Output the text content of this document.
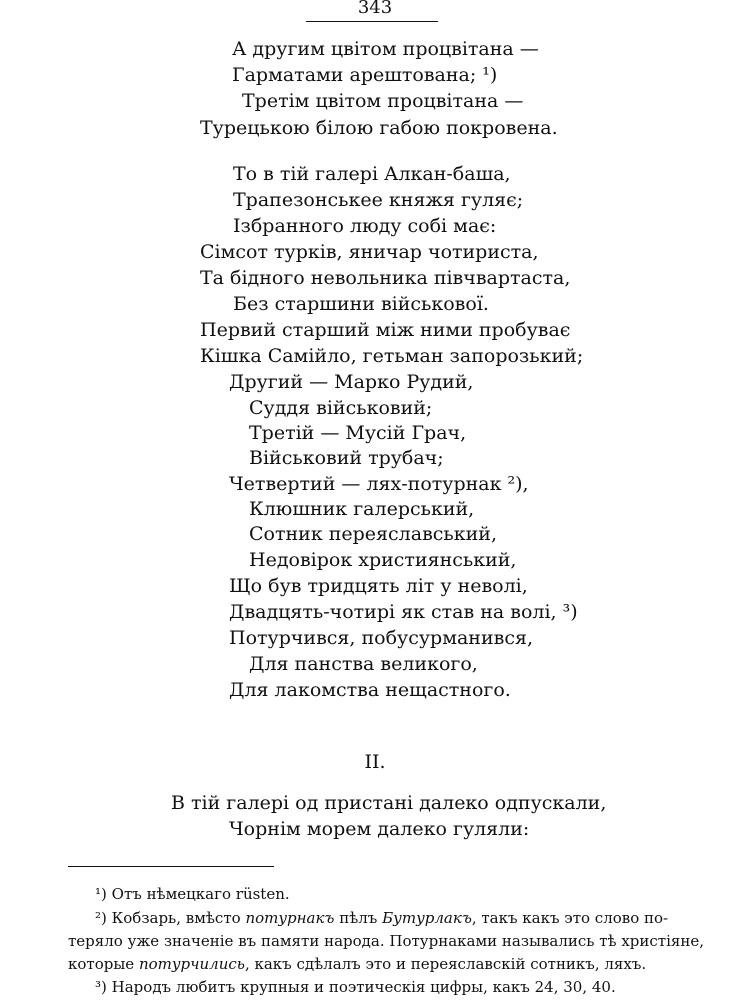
343
А другим цвітом процвітана —
Гарматами арештована; ¹)
Третім цвітом процвітана —
Турецькою білою габою покровена.
То в тій галері Алкан-баша,
Трапезонськее княжя гуляє;
Ізбранного люду собі має:
Сімсот турків, яничар чотириста,
Та бідного невольника півчвартаста,
Без старшини військової.
Первий старший між ними пробуває
Кішка Самійло, гетьман запорозький;
Другий — Марко Рудий,
Суддя військовий;
Третій — Мусій Грач,
Військовий трубач;
Четвертий — лях-потурнак ²),
Клюшник галерський,
Сотник переяславський,
Недовірок християнський,
Що був тридцять літ у неволі,
Двадцять-чотирі як став на волі, ³)
Потурчився, побусурманився,
Для панства великого,
Для лакомства нещастного.
II.
В тій галері од пристані далеко одпускали,
Чорнім морем далеко гуляли:
¹) Отъ нѣмецкаго rüsten.
²) Кобзарь, вмѣсто потурнакъ пѣлъ Бутурлакъ, такъ какъ это слово по-
теряло уже значеніе въ памяти народа. Потурнаками назывались тѣ христіяне,
которые потурчились, какъ сдѣлалъ это и переяславскій сотникъ, ляхъ.
³) Народъ любитъ крупныя и поэтическія цифры, какъ 24, 30, 40.
